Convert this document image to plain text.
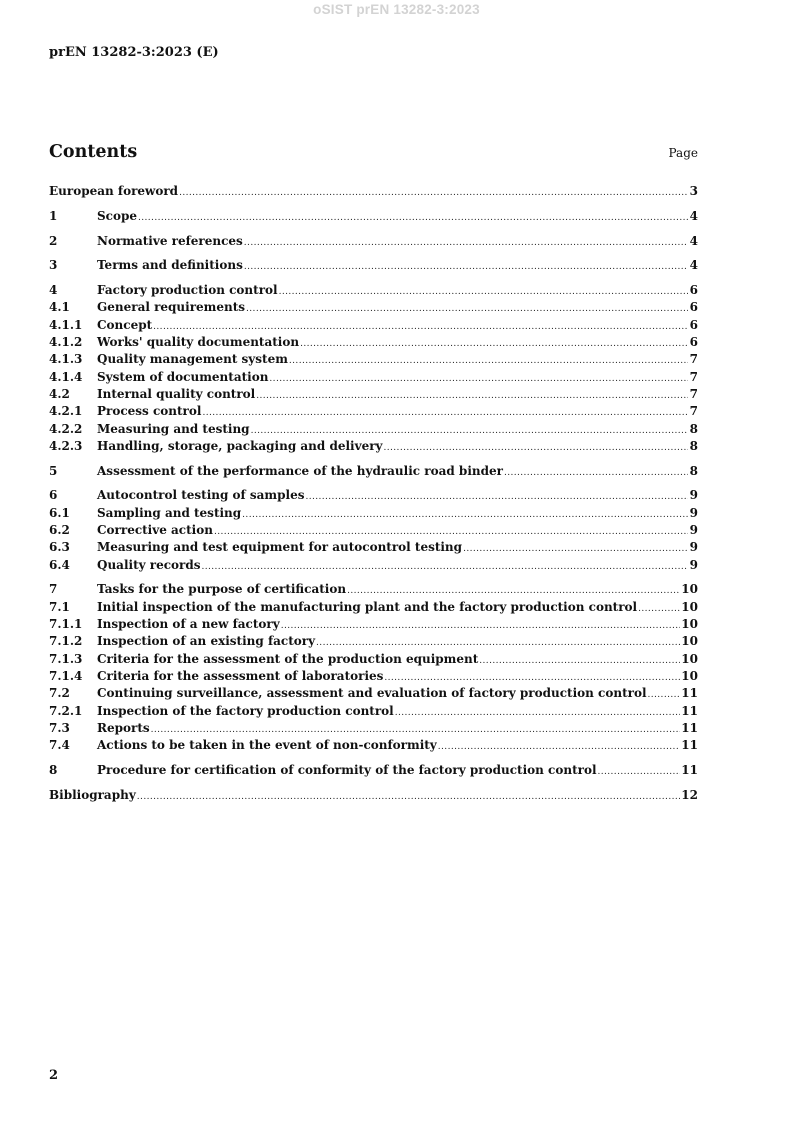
oSIST prEN 13282-3:2023
prEN 13282-3:2023 (E)
Contents	Page
European foreword .....	3
1	Scope .....	4
2	Normative references .....	4
3	Terms and definitions .....	4
4	Factory production control .....	6
4.1	General requirements .....	6
4.1.1	Concept .....	6
4.1.2	Works' quality documentation .....	6
4.1.3	Quality management system .....	7
4.1.4	System of documentation .....	7
4.2	Internal quality control .....	7
4.2.1	Process control .....	7
4.2.2	Measuring and testing .....	8
4.2.3	Handling, storage, packaging and delivery .....	8
5	Assessment of the performance of the hydraulic road binder .....	8
6	Autocontrol testing of samples .....	9
6.1	Sampling and testing .....	9
6.2	Corrective action .....	9
6.3	Measuring and test equipment for autocontrol testing .....	9
6.4	Quality records .....	9
7	Tasks for the purpose of certification .....	10
7.1	Initial inspection of the manufacturing plant and the factory production control .....	10
7.1.1	Inspection of a new factory .....	10
7.1.2	Inspection of an existing factory .....	10
7.1.3	Criteria for the assessment of the production equipment .....	10
7.1.4	Criteria for the assessment of laboratories .....	10
7.2	Continuing surveillance, assessment and evaluation of factory production control .....	11
7.2.1	Inspection of the factory production control .....	11
7.3	Reports .....	11
7.4	Actions to be taken in the event of non-conformity .....	11
8	Procedure for certification of conformity of the factory production control .....	11
Bibliography .....	12
2
